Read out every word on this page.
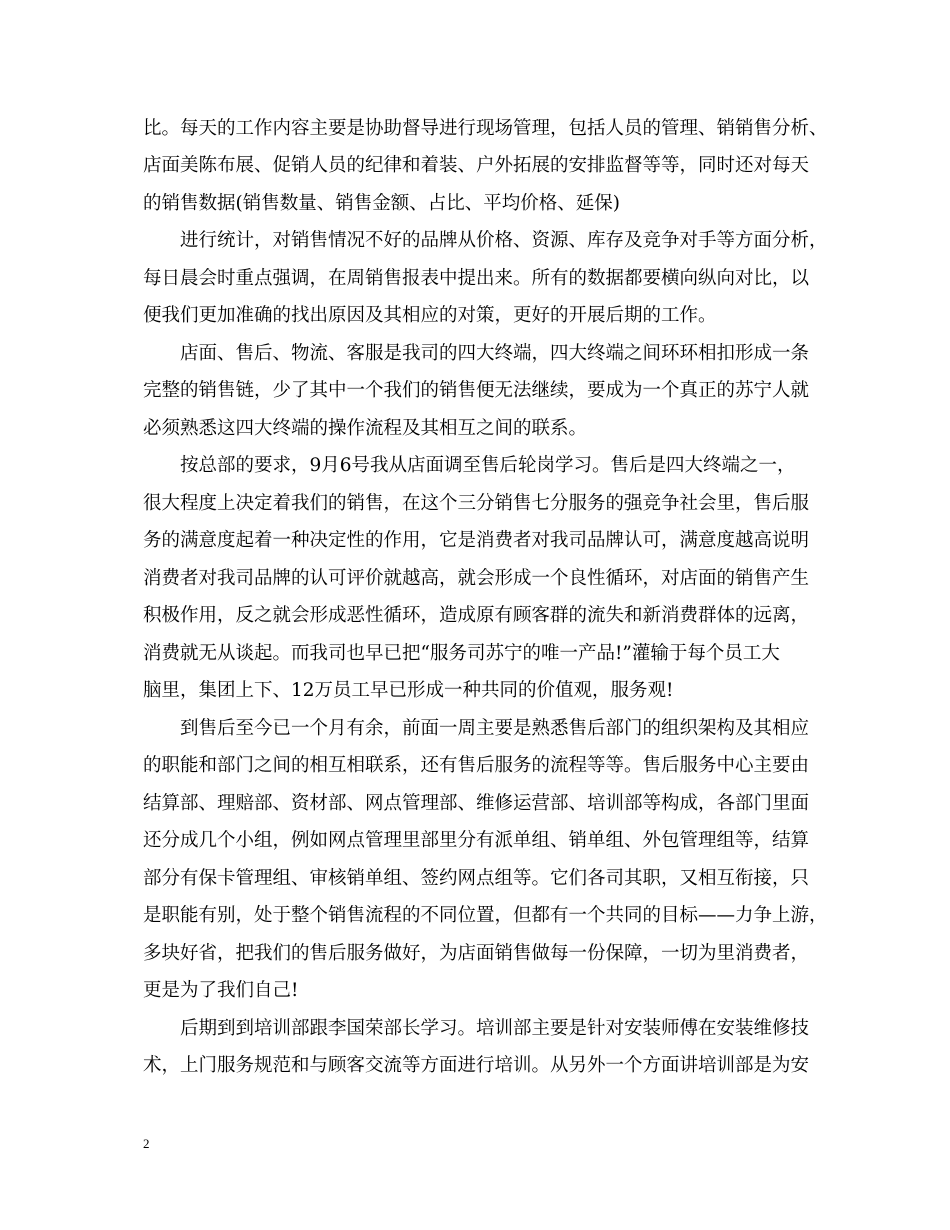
比。每天的工作内容主要是协助督导进行现场管理，包括人员的管理、销销售分析、
店面美陈布展、促销人员的纪律和着装、户外拓展的安排监督等等，同时还对每天
的销售数据(销售数量、销售金额、占比、平均价格、延保)
进行统计，对销售情况不好的品牌从价格、资源、库存及竞争对手等方面分析，
每日晨会时重点强调，在周销售报表中提出来。所有的数据都要横向纵向对比，以
便我们更加准确的找出原因及其相应的对策，更好的开展后期的工作。
店面、售后、物流、客服是我司的四大终端，四大终端之间环环相扣形成一条
完整的销售链，少了其中一个我们的销售便无法继续，要成为一个真正的苏宁人就
必须熟悉这四大终端的操作流程及其相互之间的联系。
按总部的要求，9月6号我从店面调至售后轮岗学习。售后是四大终端之一，
很大程度上决定着我们的销售，在这个三分销售七分服务的强竞争社会里，售后服
务的满意度起着一种决定性的作用，它是消费者对我司品牌认可，满意度越高说明
消费者对我司品牌的认可评价就越高，就会形成一个良性循环，对店面的销售产生
积极作用，反之就会形成恶性循环，造成原有顾客群的流失和新消费群体的远离，
消费就无从谈起。而我司也早已把“服务司苏宁的唯一产品!”灌输于每个员工大
脑里，集团上下、12万员工早已形成一种共同的价值观，服务观!
到售后至今已一个月有余，前面一周主要是熟悉售后部门的组织架构及其相应
的职能和部门之间的相互相联系，还有售后服务的流程等等。售后服务中心主要由
结算部、理赔部、资材部、网点管理部、维修运营部、培训部等构成，各部门里面
还分成几个小组，例如网点管理里部里分有派单组、销单组、外包管理组等，结算
部分有保卡管理组、审核销单组、签约网点组等。它们各司其职，又相互衔接，只
是职能有别，处于整个销售流程的不同位置，但都有一个共同的目标——力争上游，
多块好省，把我们的售后服务做好，为店面销售做每一份保障，一切为里消费者，
更是为了我们自己!
后期到到培训部跟李国荣部长学习。培训部主要是针对安装师傅在安装维修技
术，上门服务规范和与顾客交流等方面进行培训。从另外一个方面讲培训部是为安
2
